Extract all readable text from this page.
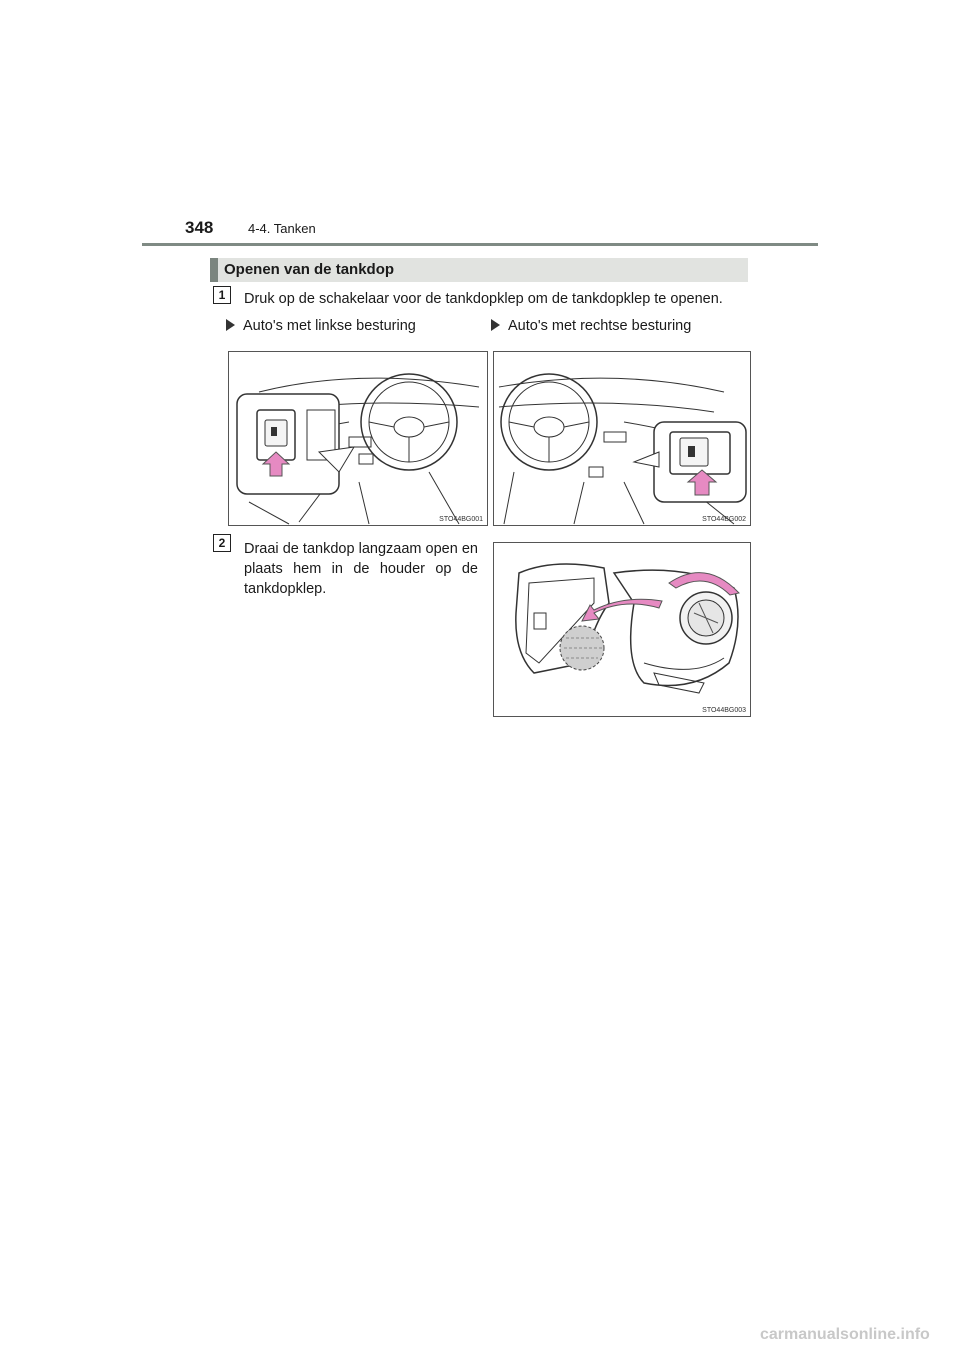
348	4-4. Tanken
Openen van de tankdop
1	Druk op de schakelaar voor de tankdopklep om de tankdopklep te openen.
Auto's met linkse besturing	Auto's met rechtse besturing
STO44BG001	STO44BG002
2	Draai de tankdop langzaam open en plaats hem in de houder op de tankdopklep.
STO44BG003
carmanualsonline.info
